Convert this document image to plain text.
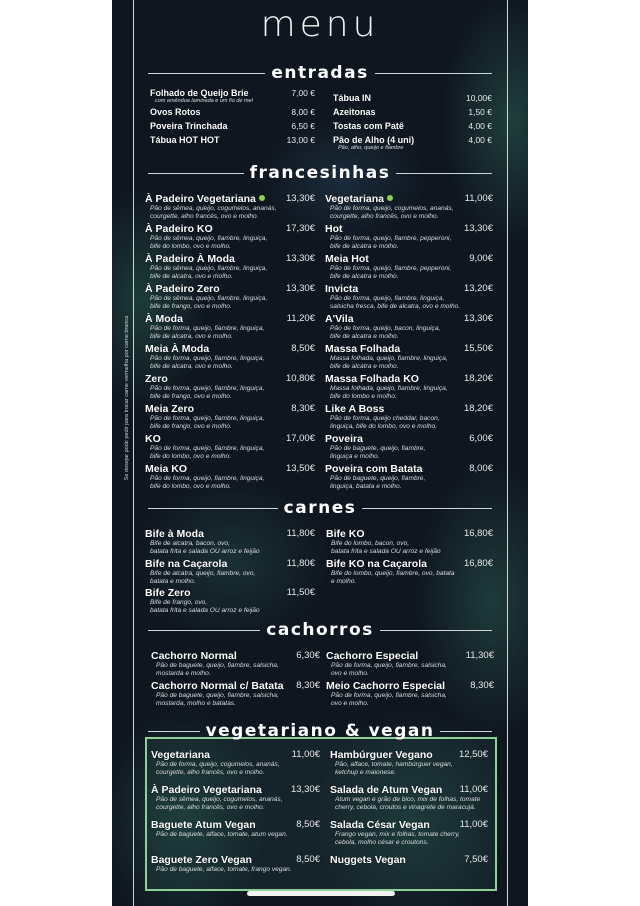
menu
Se desejar pode pedir para trocar carne vermelha por carne branca
entradas
Folhado de Queijo Brie
com amêndoa laminada e um fio de mel
7,00 €
Ovos Rotos	8,00 €
Poveira Trinchada	6,50 €
Tábua HOT HOT	13,00 €
Tábua IN	10,00€
Azeitonas	1,50 €
Tostas com Patê	4,00 €
Pão de Alho (4 uni)
Pão, alho, queijo e fiambre
4,00 €
francesinhas
À Padeiro Vegetariana
Pão de sêmea, queijo, cogumelos, ananás,
courgette, alho francês, ovo e molho.
13,30€
À Padeiro KO
Pão de sêmea, queijo, fiambre, linguiça,
bife do lombo, ovo e molho.
17,30€
À Padeiro À Moda
Pão de sêmea, queijo, fiambre, linguiça,
bife de alcatra, ovo e molho.
13,30€
À Padeiro Zero
Pão de sêmea, queijo, fiambre, linguiça,
bife de frango, ovo e molho.
13,30€
À Moda
Pão de forma, queijo, fiambre, linguiça,
bife de alcatra, ovo e molho.
11,20€
Meia À Moda
Pão de forma, queijo, fiambre, linguiça,
bife de alcatra, ovo e molho.
8,50€
Zero
Pão de forma, queijo, fiambre, linguiça,
bife de frango, ovo e molho.
10,80€
Meia Zero
Pão de forma, queijo, fiambre, linguiça,
bife de frango, ovo e molho.
8,30€
KO
Pão de forma, queijo, fiambre, linguiça,
bife do lombo, ovo e molho.
17,00€
Meia KO
Pão de forma, queijo, fiambre, linguiça,
bife do lombo, ovo e molho.
13,50€
Vegetariana
Pão de forma, queijo, cogumelos, ananás,
courgette, alho francês, ovo e molho.
11,00€
Hot
Pão de forma, queijo, fiambre, pepperoni,
bife de alcatra e molho.
13,30€
Meia Hot
Pão de forma, queijo, fiambre, pepperoni,
bife de alcatra e molho.
9,00€
Invicta
Pão de forma, queijo, fiambre, linguiça,
salsicha fresca, bife de alcatra, ovo e molho.
13,20€
A'Vila
Pão de forma, queijo, bacon, linguiça,
bife de alcatra e molho.
13,30€
Massa Folhada
Massa folhada, queijo, fiambre, linguiça,
bife de alcatra e molho.
15,50€
Massa Folhada KO
Massa folhada, queijo, fiambre, linguiça,
bife do lombo e molho.
18,20€
Like A Boss
Pão de forma, queijo cheddar, bacon,
linguiça, bife do lombo, ovo e molho.
18,20€
Poveira
Pão de baguete, queijo, fiambre,
linguiça e molho.
6,00€
Poveira com Batata
Pão de baguete, queijo, fiambre,
linguiça, batata e molho.
8,00€
carnes
Bife à Moda
Bife de alcatra, bacon, ovo,
batata frita e salada OU arroz e feijão
11,80€
Bife na Caçarola
Bife de alcatra, queijo, fiambre, ovo,
batata e molho.
11,80€
Bife Zero
Bife de frango, ovo,
batata frita e salada OU arroz e feijão
11,50€
Bife KO
Bife do lombo, bacon, ovo,
batata frita e salada OU arroz e feijão
16,80€
Bife KO na Caçarola
Bife do lombo, queijo, fiambre, ovo, batata
e molho.
16,80€
cachorros
Cachorro Normal
Pão de baguete, queijo, fiambre, salsicha,
mostarda e molho.
6,30€
Cachorro Normal c/ Batata
Pão de baguete, queijo, fiambre, salsicha,
mostarda, molho e batatas.
8,30€
Cachorro Especial
Pão de forma, queijo, fiambre, salsicha,
ovo e molho.
11,30€
Meio Cachorro Especial
Pão de forma, queijo, fiambre, salsicha,
ovo e molho.
8,30€
vegetariano & vegan
Vegetariana
Pão de forma, queijo, cogumelos, ananás,
courgette, alho francês, ovo e molho.
11,00€
À Padeiro Vegetariana
Pão de sêmea, queijo, cogumelos, ananás,
courgette, alho francês, ovo e molho.
13,30€
Baguete Atum Vegan
Pão de baguete, alface, tomate, atum vegan.
8,50€
Baguete Zero Vegan
Pão de baguete, alface, tomate, frango vegan.
8,50€
Hambúrguer Vegano
Pão, alface, tomate, hambúrguer vegan,
ketchup e maionese.
12,50€
Salada de Atum Vegan
Atum vegan e grão de bico, mix de folhas, tomate
cherry, cebola, croutos e vinagrete de maracujá.
11,00€
Salada César Vegan
Frango vegan, mix e folhas, tomate cherry,
cebola, molho césar e croutons.
11,00€
Nuggets Vegan	7,50€
